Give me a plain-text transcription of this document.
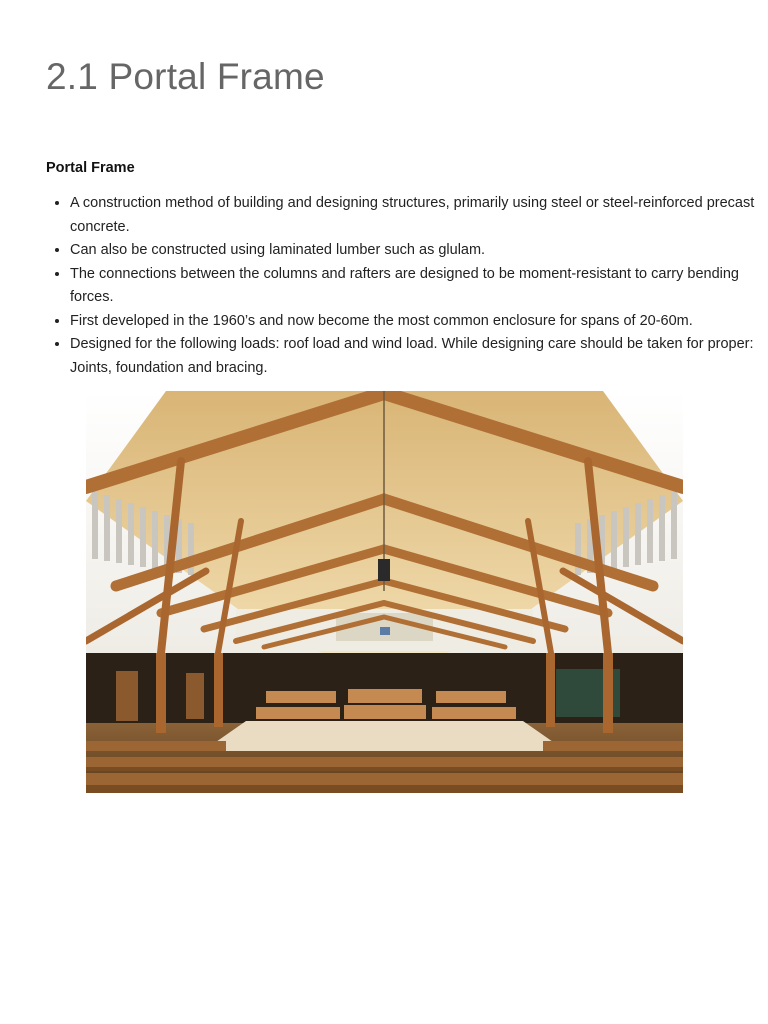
2.1 Portal Frame
Portal Frame
• A construction method of building and designing structures, primarily using steel or steel-reinforced precast concrete.
• Can also be constructed using laminated lumber such as glulam.
• The connections between the columns and rafters are designed to be moment-resistant to carry bending forces.
• First developed in the 1960’s and now become the most common enclosure for spans of 20-60m.
• Designed for the following loads: roof load and wind load. While designing care should be taken for proper: Joints, foundation and bracing.
